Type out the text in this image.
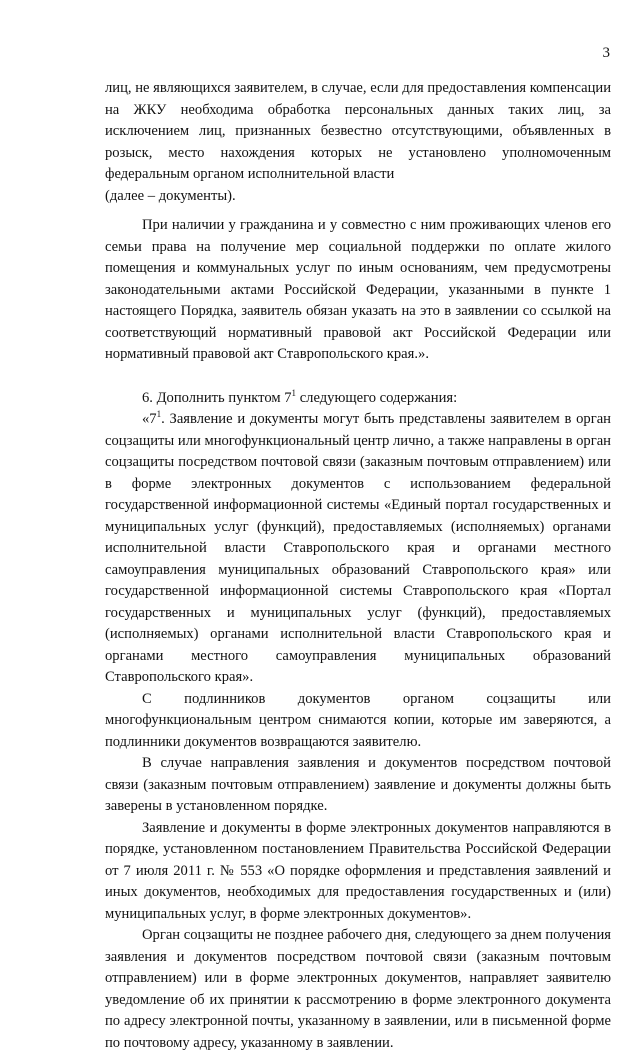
3

лиц, не являющихся заявителем, в случае, если для предоставления компенсации на ЖКУ необходима обработка персональных данных таких лиц, за исключением лиц, признанных безвестно отсутствующими, объявленных в розыск, место нахождения которых не установлено уполномоченным федеральным органом исполнительной власти

(далее – документы).

При наличии у гражданина и у совместно с ним проживающих членов его семьи права на получение мер социальной поддержки по оплате жилого помещения и коммунальных услуг по иным основаниям, чем предусмотрены законодательными актами Российской Федерации, указанными в пункте 1 настоящего Порядка, заявитель обязан указать на это в заявлении со ссылкой на соответствующий нормативный правовой акт Российской Федерации или нормативный правовой акт Ставропольского края.».

6. Дополнить пунктом $7^1$ следующего содержания:

«$7^1$. Заявление и документы могут быть представлены заявителем в орган соцзащиты или многофункциональный центр лично, а также направлены в орган соцзащиты посредством почтовой связи (заказным почтовым отправлением) или в форме электронных документов с использованием федеральной государственной информационной системы «Единый портал государственных и муниципальных услуг (функций), предоставляемых (исполняемых) органами исполнительной власти Ставропольского края и органами местного самоуправления муниципальных образований Ставропольского края» или государственной информационной системы Ставропольского края «Портал государственных и муниципальных услуг (функций), предоставляемых (исполняемых) органами исполнительной власти Ставропольского края и органами местного самоуправления муниципальных образований Ставропольского края».

С подлинников документов органом соцзащиты или многофункциональным центром снимаются копии, которые им заверяются, а подлинники документов возвращаются заявителю.

В случае направления заявления и документов посредством почтовой связи (заказным почтовым отправлением) заявление и документы должны быть заверены в установленном порядке.

Заявление и документы в форме электронных документов направляются в порядке, установленном постановлением Правительства Российской Федерации от 7 июля 2011 г. № 553 «О порядке оформления и представления заявлений и иных документов, необходимых для предоставления государственных и (или) муниципальных услуг, в форме электронных документов».

Орган соцзащиты не позднее рабочего дня, следующего за днем получения заявления и документов посредством почтовой связи (заказным почтовым отправлением) или в форме электронных документов, направляет заявителю уведомление об их принятии к рассмотрению в форме электронного документа по адресу электронной почты, указанному в заявлении, или в письменной форме по почтовому адресу, указанному в заявлении.
